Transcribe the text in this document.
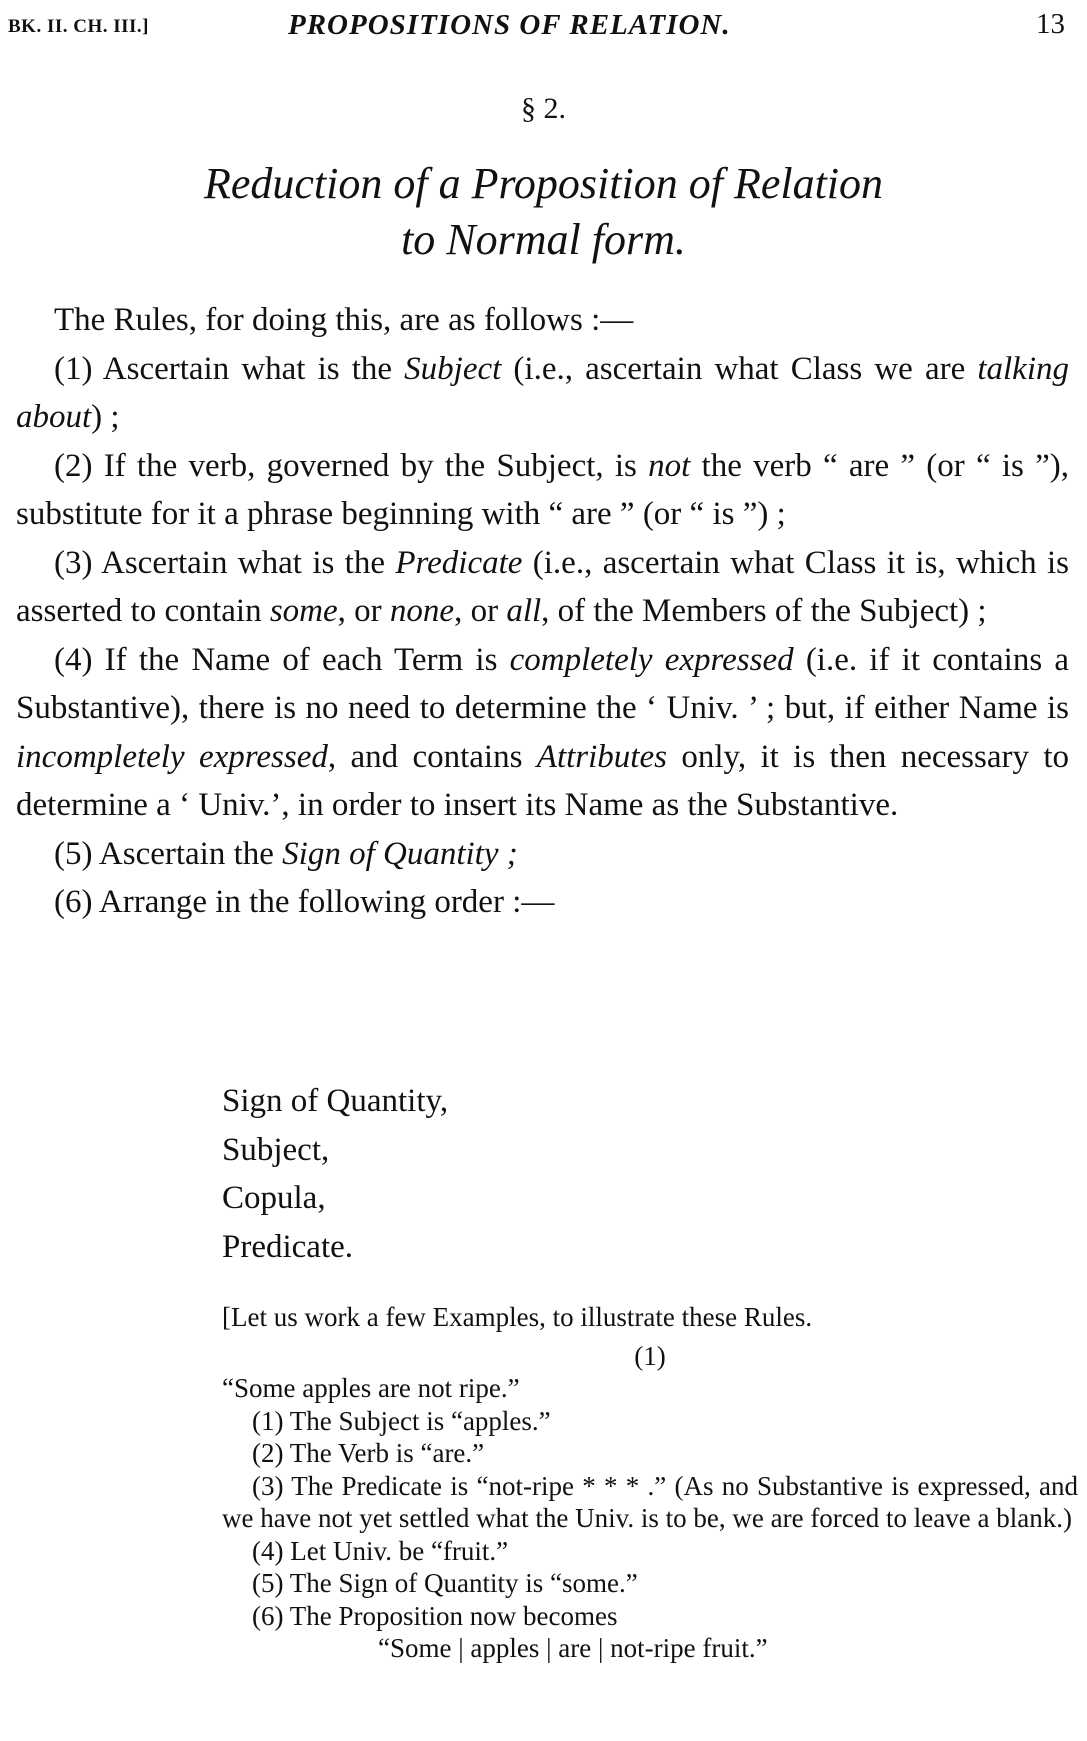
BK. II. CH. III.]	PROPOSITIONS OF RELATION.	13
§ 2.
Reduction of a Proposition of Relation
to Normal form.

The Rules, for doing this, are as follows :—

(1) Ascertain what is the Subject (i.e., ascertain what Class we are talking about) ;

(2) If the verb, governed by the Subject, is not the verb “ are ” (or “ is ”), substitute for it a phrase beginning with “ are ” (or “ is ”) ;

(3) Ascertain what is the Predicate (i.e., ascertain what Class it is, which is asserted to contain some, or none, or all, of the Members of the Subject) ;

(4) If the Name of each Term is completely expressed (i.e. if it contains a Substantive), there is no need to determine the ‘ Univ. ’ ; but, if either Name is incompletely expressed, and contains Attributes only, it is then necessary to determine a ‘ Univ.’, in order to insert its Name as the Substantive.

(5) Ascertain the Sign of Quantity ;

(6) Arrange in the following order :—

Sign of Quantity,
Subject,
Copula,
Predicate.

[Let us work a few Examples, to illustrate these Rules.

(1)

“Some apples are not ripe.”

(1) The Subject is “apples.”

(2) The Verb is “are.”

(3) The Predicate is “not-ripe * * * .” (As no Substantive is expressed, and we have not yet settled what the Univ. is to be, we are forced to leave a blank.)

(4) Let Univ. be “fruit.”

(5) The Sign of Quantity is “some.”

(6) The Proposition now becomes

“Some | apples | are | not-ripe fruit.”
